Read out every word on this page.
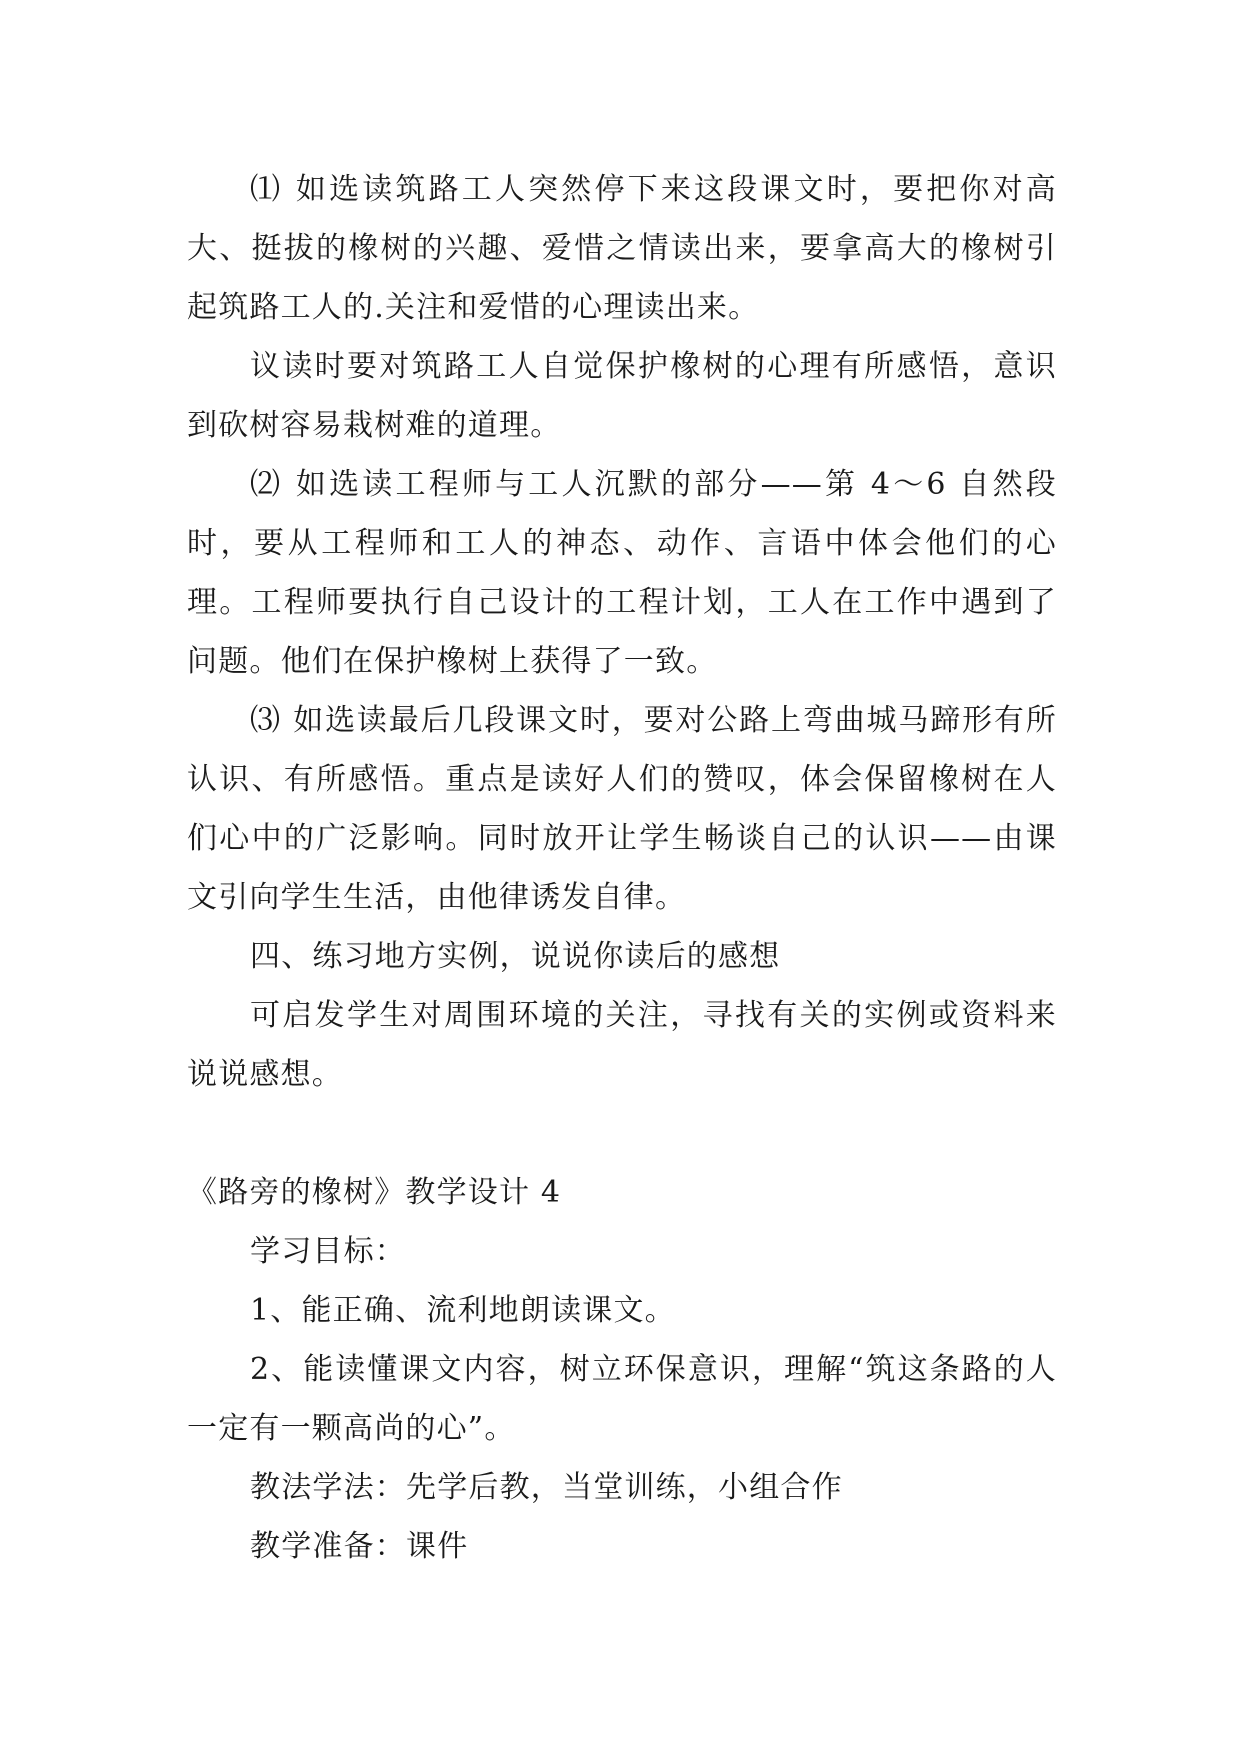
⑴ 如选读筑路工人突然停下来这段课文时，要把你对高大、挺拔的橡树的兴趣、爱惜之情读出来，要拿高大的橡树引起筑路工人的.关注和爱惜的心理读出来。

议读时要对筑路工人自觉保护橡树的心理有所感悟，意识到砍树容易栽树难的道理。

⑵ 如选读工程师与工人沉默的部分——第 4～6 自然段时，要从工程师和工人的神态、动作、言语中体会他们的心理。工程师要执行自己设计的工程计划，工人在工作中遇到了问题。他们在保护橡树上获得了一致。

⑶ 如选读最后几段课文时，要对公路上弯曲城马蹄形有所认识、有所感悟。重点是读好人们的赞叹，体会保留橡树在人们心中的广泛影响。同时放开让学生畅谈自己的认识——由课文引向学生生活，由他律诱发自律。

四、练习地方实例，说说你读后的感想

可启发学生对周围环境的关注，寻找有关的实例或资料来说说感想。

《路旁的橡树》教学设计 4

学习目标：

1、能正确、流利地朗读课文。

2、能读懂课文内容，树立环保意识，理解“筑这条路的人一定有一颗高尚的心”。

教法学法：先学后教，当堂训练，小组合作

教学准备：课件
